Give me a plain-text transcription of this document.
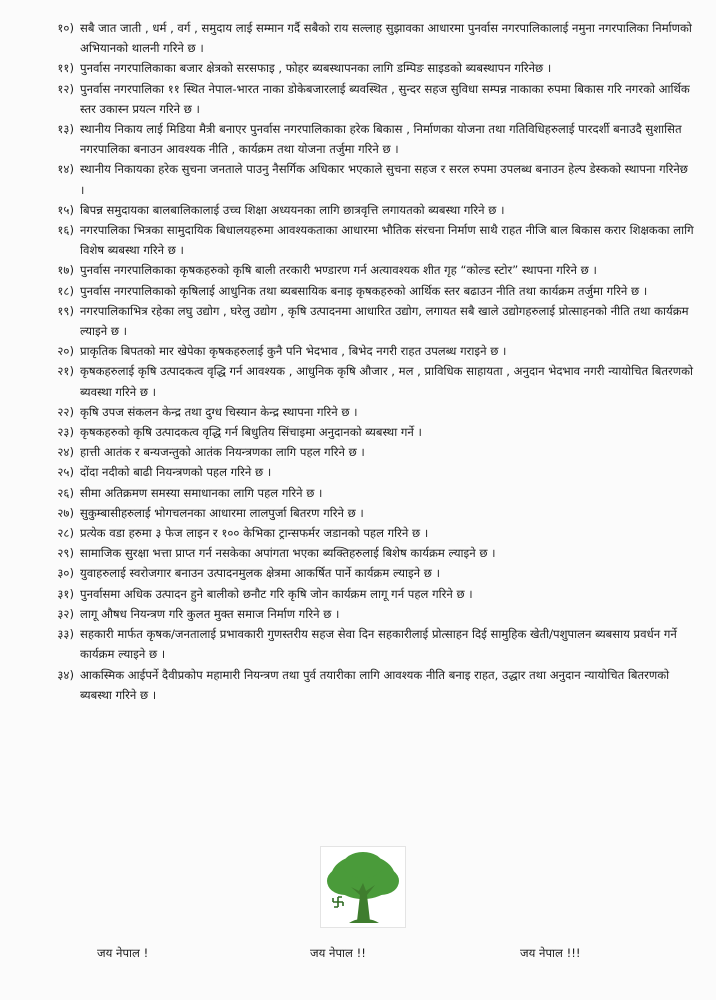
१०) सबै जात जाती , धर्म , वर्ग , समुदाय लाई सम्मान गर्दै सबैको राय सल्लाह सुझावका आधारमा पुनर्वास नगरपालिकालाई नमुना नगरपालिका निर्माणको अभियानको थालनी गरिने छ ।
११) पुनर्वास नगरपालिकाका बजार क्षेत्रको सरसफाइ , फोहर ब्यबस्थापनका लागि डम्पिङ साइडको ब्यबस्थापन गरिनेछ ।
१२) पुनर्वास नगरपालिका ११ स्थित नेपाल-भारत नाका डोकेबजारलाई ब्यवस्थित , सुन्दर सहज सुविधा सम्पन्न नाकाका रुपमा बिकास गरि नगरको आर्थिक स्तर उकास्न प्रयत्न गरिने छ ।
१३) स्थानीय निकाय लाई मिडिया मैत्री बनाएर पुनर्वास नगरपालिकाका हरेक बिकास , निर्माणका योजना तथा गतिविधिहरुलाई पारदर्शी बनाउदै सुशासित नगरपालिका बनाउन आवश्यक नीति , कार्यक्रम तथा योजना तर्जुमा गरिने छ ।
१४) स्थानीय निकायका हरेक सुचना जनताले पाउनु नैसर्गिक अधिकार भएकाले सुचना सहज र सरल रुपमा उपलब्ध बनाउन हेल्प डेस्कको स्थापना गरिनेछ ।
१५) बिपन्न समुदायका बालबालिकालाई उच्च शिक्षा अध्ययनका लागि छात्रवृत्ति लगायतको ब्यबस्था गरिने छ ।
१६) नगरपालिका भित्रका सामुदायिक बिधालयहरुमा आवश्यकताका आधारमा भौतिक संरचना निर्माण साथै राहत नीजि बाल बिकास करार शिक्षकका लागि विशेष ब्यबस्था गरिने छ ।
१७) पुनर्वास नगरपालिकाका कृषकहरुको कृषि बाली तरकारी भण्डारण गर्न अत्यावश्यक शीत गृह “कोल्ड स्टोर” स्थापना गरिने छ ।
१८) पुनर्वास नगरपालिकाको कृषिलाई आधुनिक तथा ब्यबसायिक बनाइ कृषकहरुको आर्थिक स्तर बढाउन नीति तथा कार्यक्रम तर्जुमा गरिने छ ।
१९) नगरपालिकाभित्र रहेका लघु उद्योग , घरेलु उद्योग , कृषि उत्पादनमा आधारित उद्योग, लगायत सबै खाले उद्योगहरुलाई प्रोत्साहनको नीति तथा कार्यक्रम ल्याइने छ ।
२०) प्राकृतिक बिपतको मार खेपेका कृषकहरुलाई कुनै पनि भेदभाव , बिभेद नगरी राहत उपलब्ध गराइने छ ।
२१) कृषकहरुलाई कृषि उत्पादकत्व वृद्धि गर्न आवश्यक , आधुनिक कृषि औजार , मल , प्राविधिक साहायता , अनुदान भेदभाव नगरी न्यायोचित बितरणको ब्यवस्था गरिने छ ।
२२) कृषि उपज संकलन केन्द्र तथा दुग्ध चिस्यान केन्द्र स्थापना गरिने छ ।
२३) कृषकहरुको कृषि उत्पादकत्व वृद्धि गर्न बिधुतिय सिंचाइमा अनुदानको ब्यबस्था गर्ने ।
२४) हात्ती आतंक र बन्यजन्तुको आतंक नियन्त्रणका लागि पहल गरिने छ ।
२५) दोंदा नदीको बाढी नियन्त्रणको पहल गरिने छ ।
२६) सीमा अतिक्रमण समस्या समाधानका लागि पहल गरिने छ ।
२७) सुकुम्बासीहरुलाई भोगचलनका आधारमा लालपुर्जा बितरण गरिने छ ।
२८) प्रत्येक वडा हरुमा ३ फेज लाइन र १०० केभिका ट्रान्सफर्मर जडानको पहल गरिने छ ।
२९) सामाजिक सुरक्षा भत्ता प्राप्त गर्न नसकेका अपांगता भएका ब्यक्तिहरुलाई बिशेष कार्यक्रम ल्याइने छ ।
३०) युवाहरुलाई स्वरोजगार बनाउन उत्पादनमुलक क्षेत्रमा आकर्षित पार्ने कार्यक्रम ल्याइने छ ।
३१) पुनर्वासमा अधिक उत्पादन हुने बालीको छनौट गरि कृषि जोन कार्यक्रम लागू गर्न पहल गरिने छ ।
३२) लागू औषध नियन्त्रण गरि कुलत मुक्त समाज निर्माण गरिने छ ।
३३) सहकारी मार्फत कृषक/जनतालाई प्रभावकारी गुणस्तरीय सहज सेवा दिन सहकारीलाई प्रोत्साहन दिई सामुहिक खेती/पशुपालन ब्यबसाय प्रवर्धन गर्ने कार्यक्रम ल्याइने छ ।
३४) आकस्मिक आईपर्ने दैवीप्रकोप महामारी नियन्त्रण तथा पुर्व तयारीका लागि आवश्यक नीति बनाइ राहत, उद्धार तथा अनुदान न्यायोचित बितरणको ब्यबस्था गरिने छ ।
जय नेपाल !	जय नेपाल !!	जय नेपाल !!!
